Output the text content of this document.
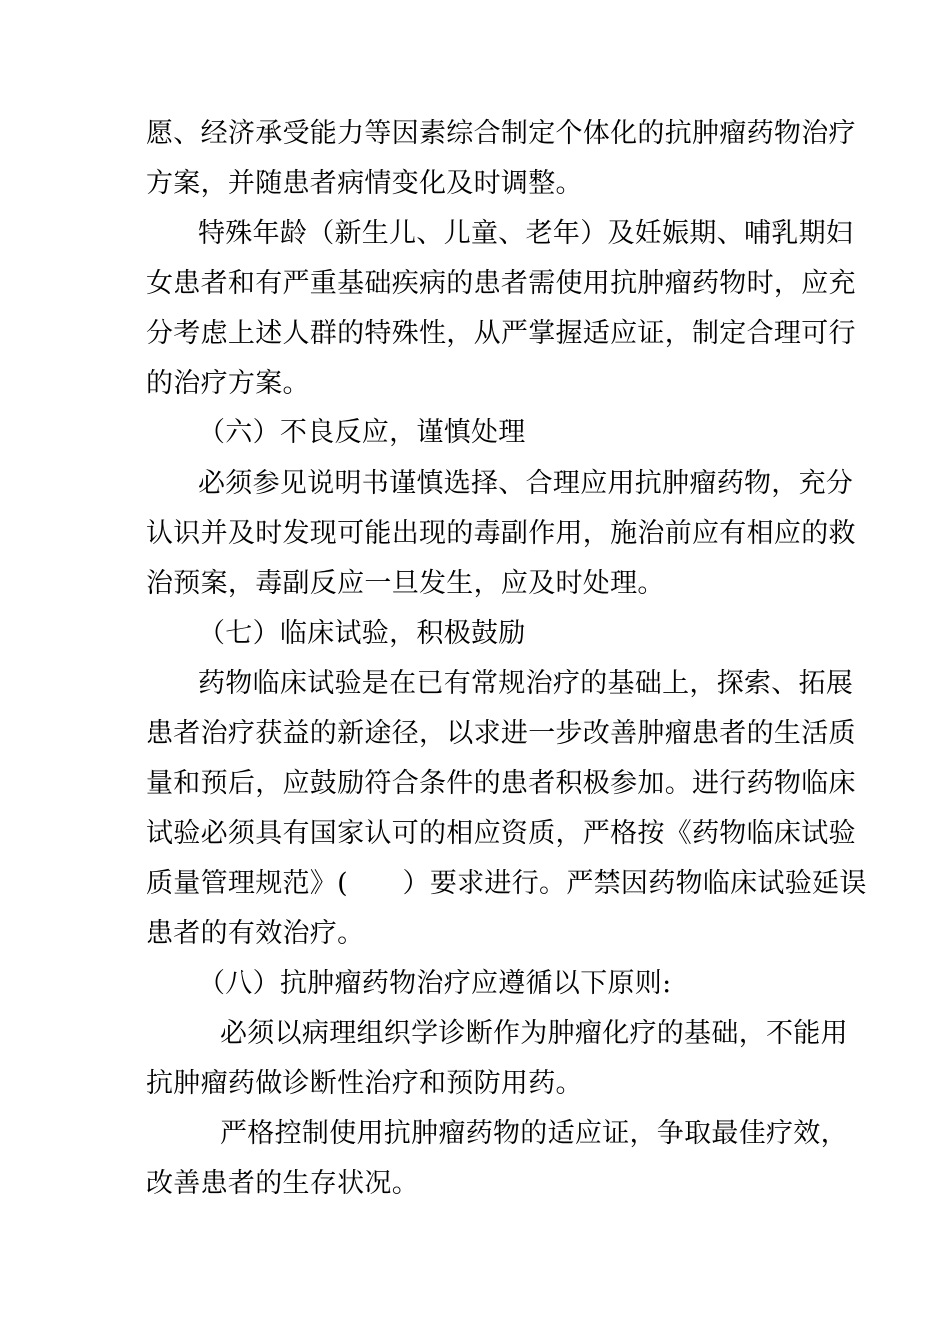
愿、经济承受能力等因素综合制定个体化的抗肿瘤药物治疗
方案，并随患者病情变化及时调整。
特殊年龄（新生儿、儿童、老年）及妊娠期、哺乳期妇
女患者和有严重基础疾病的患者需使用抗肿瘤药物时，应充
分考虑上述人群的特殊性，从严掌握适应证，制定合理可行
的治疗方案。
（六）不良反应，谨慎处理
必须参见说明书谨慎选择、合理应用抗肿瘤药物，充分
认识并及时发现可能出现的毒副作用，施治前应有相应的救
治预案，毒副反应一旦发生，应及时处理。
（七）临床试验，积极鼓励
药物临床试验是在已有常规治疗的基础上，探索、拓展
患者治疗获益的新途径，以求进一步改善肿瘤患者的生活质
量和预后，应鼓励符合条件的患者积极参加。进行药物临床
试验必须具有国家认可的相应资质，严格按《药物临床试验
质量管理规范》(　　）要求进行。严禁因药物临床试验延误
患者的有效治疗。
（八）抗肿瘤药物治疗应遵循以下原则:
必须以病理组织学诊断作为肿瘤化疗的基础，不能用
抗肿瘤药做诊断性治疗和预防用药。
严格控制使用抗肿瘤药物的适应证，争取最佳疗效，
改善患者的生存状况。
